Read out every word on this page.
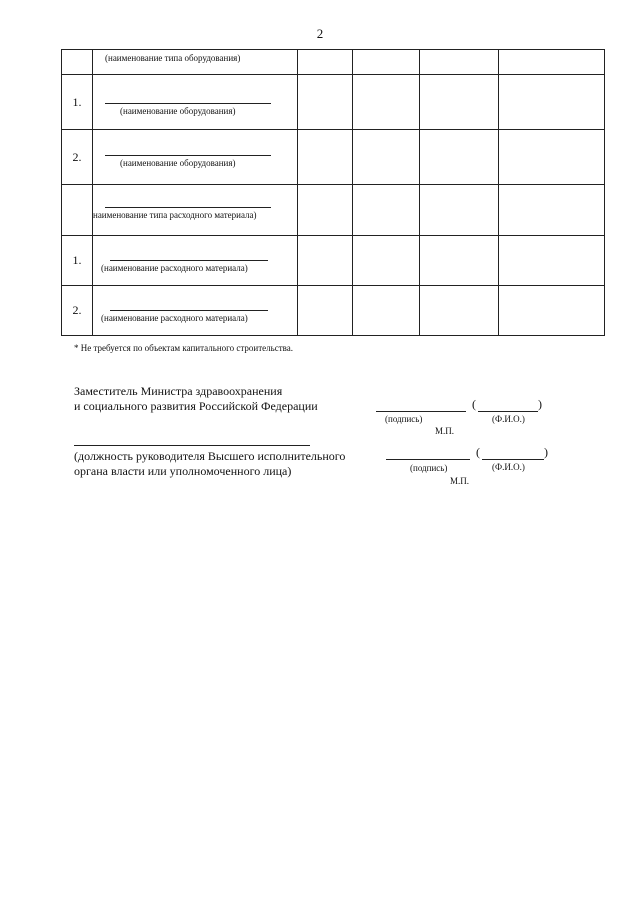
2

	(наименование типа оборудования)				

1.	(наименование оборудования)				

2.	(наименование оборудования)				

	наименование типа расходного материала)				

1.	(наименование расходного материала)				

2.	(наименование расходного материала)				

* Не требуется по объектам капитального строительства.
Заместитель Министра здравоохранения
и социального развития Российской Федерации	(	)
(подпись)	(Ф.И.О.)
М.П.
(должность руководителя Высшего исполнительного
органа власти или уполномоченного лица)
(	)
(подпись)	(Ф.И.О.)
М.П.
